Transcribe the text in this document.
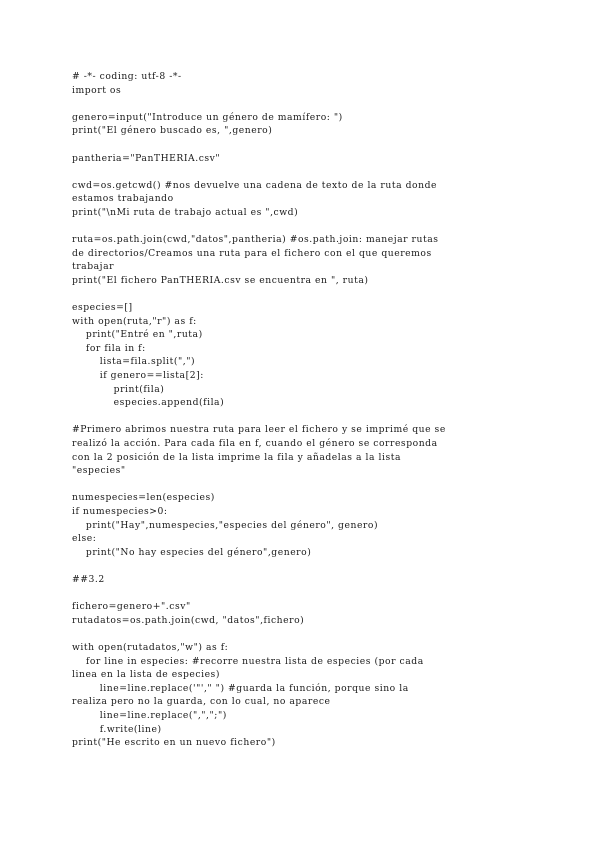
# -*- coding: utf-8 -*-
import os
genero=input("Introduce un género de mamífero: ")
print("El género buscado es, ",genero)
pantheria="PanTHERIA.csv"
cwd=os.getcwd() #nos devuelve una cadena de texto de la ruta donde
estamos trabajando
print("\nMi ruta de trabajo actual es ",cwd)
ruta=os.path.join(cwd,"datos",pantheria) #os.path.join: manejar rutas
de directorios/Creamos una ruta para el fichero con el que queremos
trabajar
print("El fichero PanTHERIA.csv se encuentra en ", ruta)
especies=[]
with open(ruta,"r") as f:
print("Entré en ",ruta)
for fila in f:
lista=fila.split(",")
if genero==lista[2]:
print(fila)
especies.append(fila)
#Primero abrimos nuestra ruta para leer el fichero y se imprimé que se
realizó la acción. Para cada fila en f, cuando el género se corresponda
con la 2 posición de la lista imprime la fila y añadelas a la lista
"especies"
numespecies=len(especies)
if numespecies>0:
print("Hay",numespecies,"especies del género", genero)
else:
print("No hay especies del género",genero)
##3.2
fichero=genero+".csv"
rutadatos=os.path.join(cwd, "datos",fichero)
with open(rutadatos,"w") as f:
for line in especies: #recorre nuestra lista de especies (por cada
linea en la lista de especies)
line=line.replace('"'," ") #guarda la función, porque sino la
realiza pero no la guarda, con lo cual, no aparece
line=line.replace(",",";")
f.write(line)
print("He escrito en un nuevo fichero")
